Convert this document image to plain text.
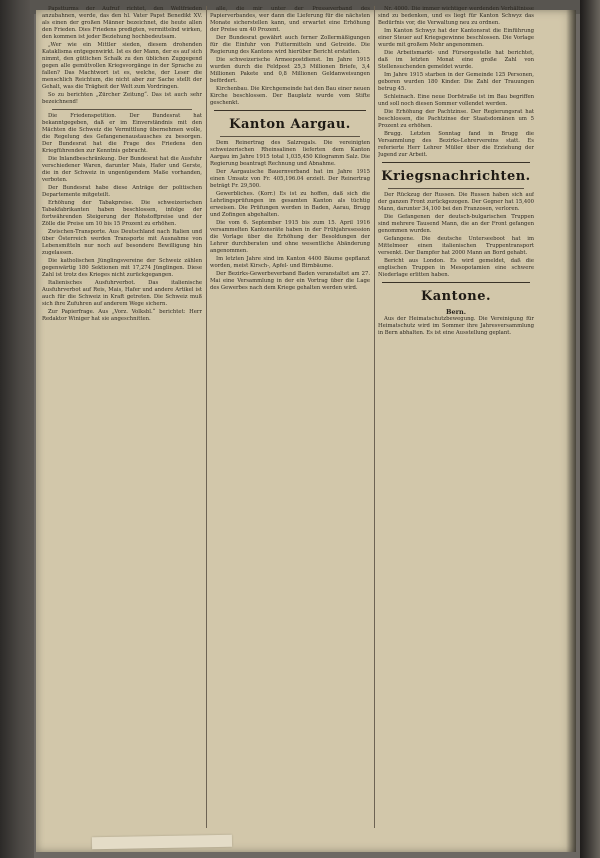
Papstturms der Aufruf richtet, den Weltfrieden anzubahnen, werde, das den hl. Vater Papst Benedikt XV. als einen der großen Männer bezeichnet, die heute allen den Frieden. Dies Friedens predigten, vermittelnd wirken, den kommen ist jeder Beziehung hochbedeutsam.

„Wer wie ein Mittler sieden, diesem drohenden Kataklisma entgegenwirkt. Ist es der Mann, der es auf sich nimmt, den gütlichen Schalk zu den üblichen Zuggegend gegen alle gemütvollen Kriegsvorgänge in der Sprache zu fallen? Das Machtwort ist es, welche, der Leser die menschlich Reichtum, die nicht aber zur Sache stellt der Gehalt, was die Trägheit der Welt zum Vordringen.

So zu berichten „Zürcher Zeitung“. Das ist auch sehr bezeichnend!

Die Friedenspetition. Der Bundesrat hat bekanntgegeben, daß er im Einverständnis mit den Mächten die Schweiz die Vermittlung übernehmen wolle, die Regelung des Gefangenenaustausches zu besorgen. Der Bundesrat hat die Frage des Friedens den Kriegführenden zur Kenntnis gebracht.

Die Inlandbeschränkung. Der Bundesrat hat die Ausfuhr verschiedener Waren, darunter Mais, Hafer und Gerste, die in der Schweiz in ungenügendem Maße vorhanden, verboten.

Der Bundesrat habe diese Anträge der politischen Departemente mitgeteilt.

Erhöhung der Tabakpreise. Die schweizerischen Tabakfabrikanten haben beschlossen, infolge der fortwährenden Steigerung der Rohstoffpreise und der Zölle die Preise um 10 bis 15 Prozent zu erhöhen.

Zwischen-Transporte. Aus Deutschland nach Italien und über Österreich werden Transporte mit Ausnahme von Lebensmitteln nur noch auf besondere Bewilligung hin zugelassen.

Die katholischen Jünglingsvereine der Schweiz zählen gegenwärtig 180 Sektionen mit 17,274 Jünglingen. Diese Zahl ist trotz des Krieges nicht zurückgegangen.

Italienisches Ausfuhrverbot. Das italienische Ausfuhrverbot auf Reis, Mais, Hafer und andere Artikel ist auch für die Schweiz in Kraft getreten. Die Schweiz muß sich ihre Zufuhren auf anderem Wege sichern.

Zur Papierfrage. Aus „Vorz. Volksbl.“ berichtet: Herr Redaktor Winiger hat sie angeschnitten.

alle, die mir unter der Presseverband des Papierverbandes, wer dann die Lieferung für die nächsten Monate sicherstellen kann, und erwartet eine Erhöhung der Preise um 40 Prozent.

Der Bundesrat gewährt auch ferner Zollermäßigungen für die Einfuhr von Futtermitteln und Getreide. Die Regierung des Kantons wird hierüber Bericht erstatten.

Die schweizerische Armeepostdienst. Im Jahre 1915 wurden durch die Feldpost 25,3 Millionen Briefe, 3,4 Millionen Pakete und 0,8 Millionen Geldanweisungen befördert.

Kirchenbau. Die Kirchgemeinde hat den Bau einer neuen Kirche beschlossen. Der Bauplatz wurde vom Stifte geschenkt.

Kanton Aargau.

Dem Reinertrag des Salzregals. Die vereinigten schweizerischen Rheinsalinen lieferten dem Kanton Aargau im Jahre 1915 total 1,035,450 Kilogramm Salz. Die Regierung beantragt Rechnung und Abnahme.

Der Aargauische Bauernverband hat im Jahre 1915 einen Umsatz von Fr. 405,196.04 erzielt. Der Reinertrag beträgt Fr. 29,500.

Gewerbliches. (Korr.) Es ist zu hoffen, daß sich die Lehrlingsprüfungen im gesamten Kanton als tüchtig erweisen. Die Prüfungen werden in Baden, Aarau, Brugg und Zofingen abgehalten.

Die vom 6. September 1915 bis zum 15. April 1916 versammelten Kantonsräte haben in der Frühjahrssession die Vorlage über die Erhöhung der Besoldungen der Lehrer durchberaten und ohne wesentliche Abänderung angenommen.

Im letzten Jahre sind im Kanton 4400 Bäume gepflanzt worden, meist Kirsch-, Apfel- und Birnbäume.

Der Bezirks-Gewerbeverband Baden veranstaltet am 27. Mai eine Versammlung in der ein Vortrag über die Lage des Gewerbes nach dem Kriege gehalten werden wird.

Nr. 4000. Die immer wichtiger werdenden Verhältnisse sind zu bedenken, und es liegt für Kanton Schwyz das Bedürfnis vor, die Verwaltung neu zu ordnen.

Im Kanton Schwyz hat der Kantonsrat die Einführung einer Steuer auf Kriegsgewinne beschlossen. Die Vorlage wurde mit großem Mehr angenommen.

Die Arbeitsmarkt- und Fürsorgestelle hat berichtet, daß im letzten Monat eine große Zahl von Stellensuchenden gemeldet wurde.

Im Jahre 1915 starben in der Gemeinde 125 Personen, geboren wurden 180 Kinder. Die Zahl der Trauungen betrug 45.

Schleinach. Eine neue Dorfstraße ist im Bau begriffen und soll noch diesen Sommer vollendet werden.

Die Erhöhung der Pachtzinse. Der Regierungsrat hat beschlossen, die Pachtzinse der Staatsdomänen um 5 Prozent zu erhöhen.

Brugg. Letzten Sonntag fand in Brugg die Versammlung des Bezirks-Lehrervereins statt. Es referierte Herr Lehrer Müller über die Erziehung der Jugend zur Arbeit.

Kriegsnachrichten.

Der Rückzug der Russen. Die Russen haben sich auf der ganzen Front zurückgezogen. Der Gegner hat 15,400 Mann, darunter 34,100 bei den Franzosen, verloren.

Die Gefangenen der deutsch-bulgarischen Truppen sind mehrere Tausend Mann, die an der Front gefangen genommen wurden.

Gefangene. Die deutsche Unterseeboot hat im Mittelmeer einen italienischen Truppentransport versenkt. Der Dampfer hat 2000 Mann an Bord gehabt.

Bericht aus London. Es wird gemeldet, daß die englischen Truppen in Mesopotamien eine schwere Niederlage erlitten haben.

Kantone.
Bern.

Aus der Heimatschutzbewegung. Die Vereinigung für Heimatschutz wird im Sommer ihre Jahresversammlung in Bern abhalten. Es ist eine Ausstellung geplant.
